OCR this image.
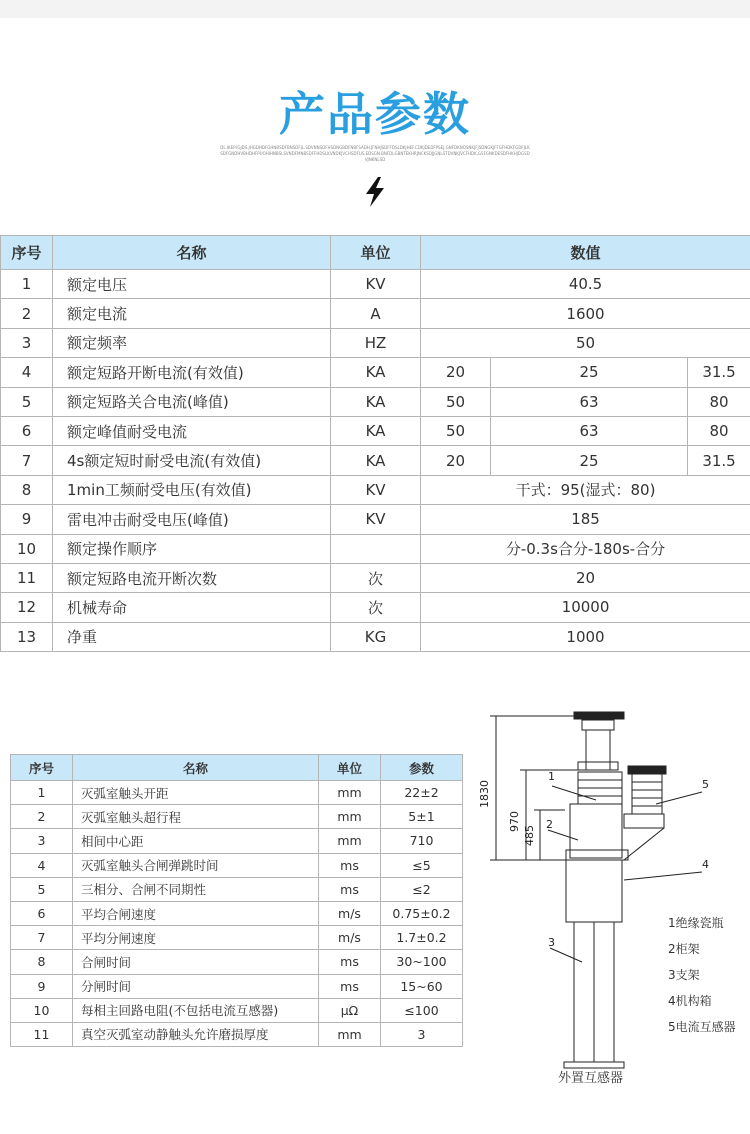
产品参数
DL.IKEP.IGJDS.JHGDHDFGHNBSDFBNSDFJL.SDVNNSDFHSDNGBDFNBFSADH.JFNHJSDFFDSLDKJHEF.CDKJDEDFPSEJ.GNFDKNOSNKJFJSDNGKJFFGFHDKFGDFJLKSDFGNDHVBHDHFPUOHIHNBSLSVNDFMNBSDFFHDSLKVNDKJVCHSDFUS.EDSGN.BNFDLGBNTEKHRJNCKSDJJGNLSTDVNKJVCFHDK,GSFGNKDESDFHKHJDGSDVJNKNLSD
序号	名称	单位	数值		
1	额定电压	KV	40.5		
2	额定电流	A	1600		
3	额定频率	HZ	50		
4	额定短路开断电流(有效值)	KA	20	25	31.5
5	额定短路关合电流(峰值)	KA	50	63	80
6	额定峰值耐受电流	KA	50	63	80
7	4s额定短时耐受电流(有效值)	KA	20	25	31.5
8	1min工频耐受电压(有效值)	KV	干式：95(湿式：80)		
9	雷电冲击耐受电压(峰值)	KV	185		
10	额定操作顺序		分-0.3s合分-180s-合分		
11	额定短路电流开断次数	次	20		
12	机械寿命	次	10000		
13	净重	KG	1000		
序号	名称	单位	参数
1	灭弧室触头开距	mm	22±2
2	灭弧室触头超行程	mm	5±1
3	相间中心距	mm	710
4	灭弧室触头合闸弹跳时间	ms	≤5
5	三相分、合闸不同期性	ms	≤2
6	平均合闸速度	m/s	0.75±0.2
7	平均分闸速度	m/s	1.7±0.2
8	合闸时间	ms	30~100
9	分闸时间	ms	15~60
10	每相主回路电阻(不包括电流互感器)	μΩ	≤100
11	真空灭弧室动静触头允许磨损厚度	mm	3
1830
970
485
1
2
3
4
5
1绝缘瓷瓶
2柜架
3支架
4机构箱
5电流互感器
外置互感器
